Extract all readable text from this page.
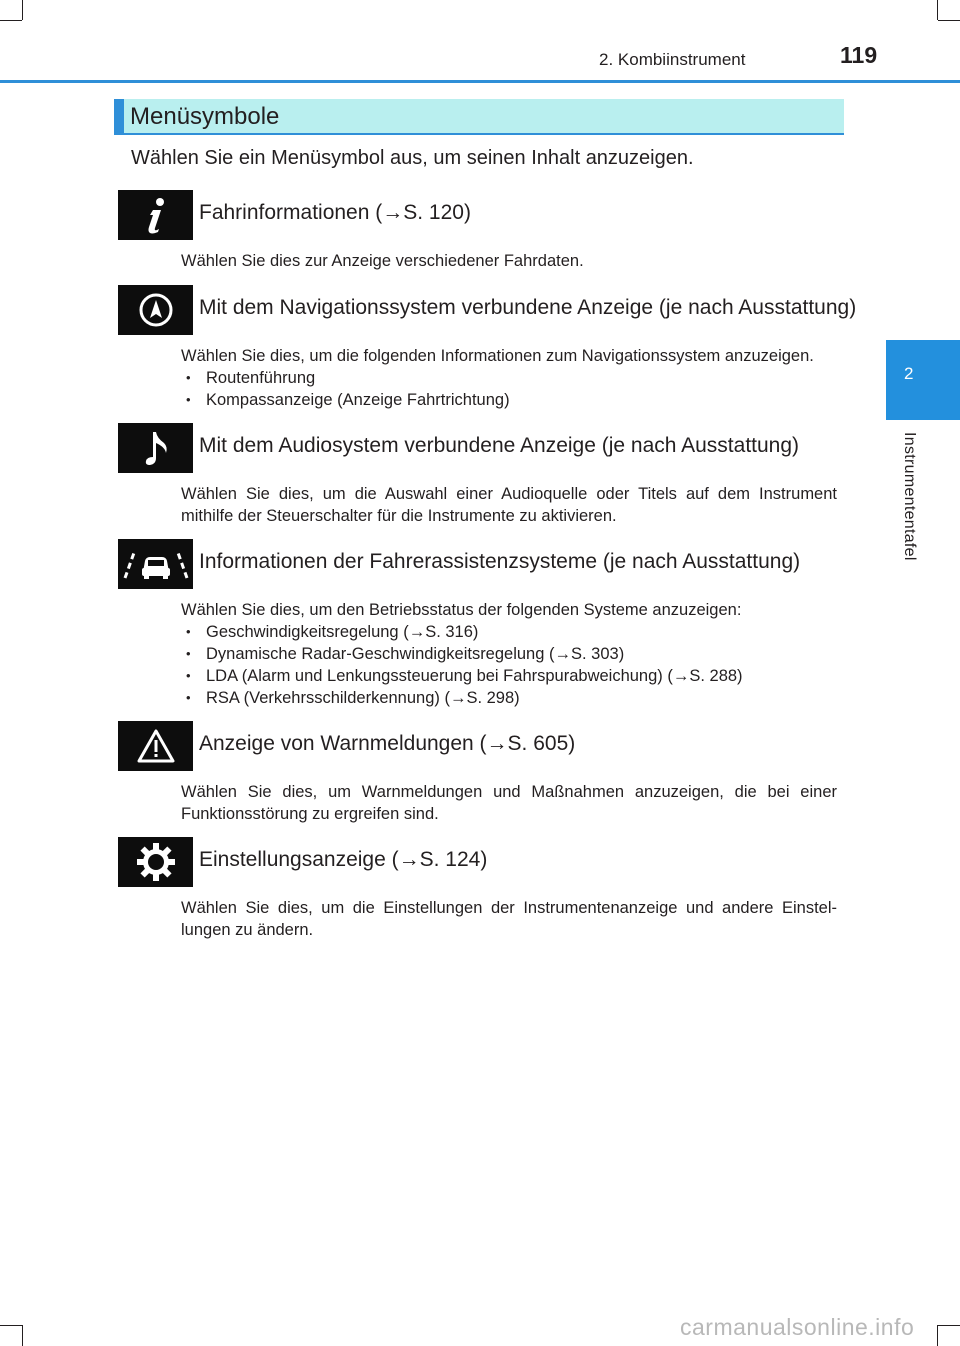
2. Kombiinstrument	119
2
Instrumententafel
Menüsymbole
Wählen Sie ein Menüsymbol aus, um seinen Inhalt anzuzeigen.
Fahrinformationen (→S. 120)
Wählen Sie dies zur Anzeige verschiedener Fahrdaten.
Mit dem Navigationssystem verbundene Anzeige (je nach Ausstattung)
Wählen Sie dies, um die folgenden Informationen zum Navigationssystem anzuzeigen.
• Routenführung
• Kompassanzeige (Anzeige Fahrtrichtung)
Mit dem Audiosystem verbundene Anzeige (je nach Ausstattung)
Wählen Sie dies, um die Auswahl einer Audioquelle oder Titels auf dem Instrument mithilfe der Steuerschalter für die Instrumente zu aktivieren.
Informationen der Fahrerassistenzsysteme (je nach Ausstattung)
Wählen Sie dies, um den Betriebsstatus der folgenden Systeme anzuzeigen:
• Geschwindigkeitsregelung (→S. 316)
• Dynamische Radar-Geschwindigkeitsregelung (→S. 303)
• LDA (Alarm und Lenkungssteuerung bei Fahrspurabweichung) (→S. 288)
• RSA (Verkehrsschilderkennung) (→S. 298)
Anzeige von Warnmeldungen (→S. 605)
Wählen Sie dies, um Warnmeldungen und Maßnahmen anzuzeigen, die bei einer Funktionsstörung zu ergreifen sind.
Einstellungsanzeige (→S. 124)
Wählen Sie dies, um die Einstellungen der Instrumentenanzeige und andere Einstel-lungen zu ändern.
carmanualsonline.info
